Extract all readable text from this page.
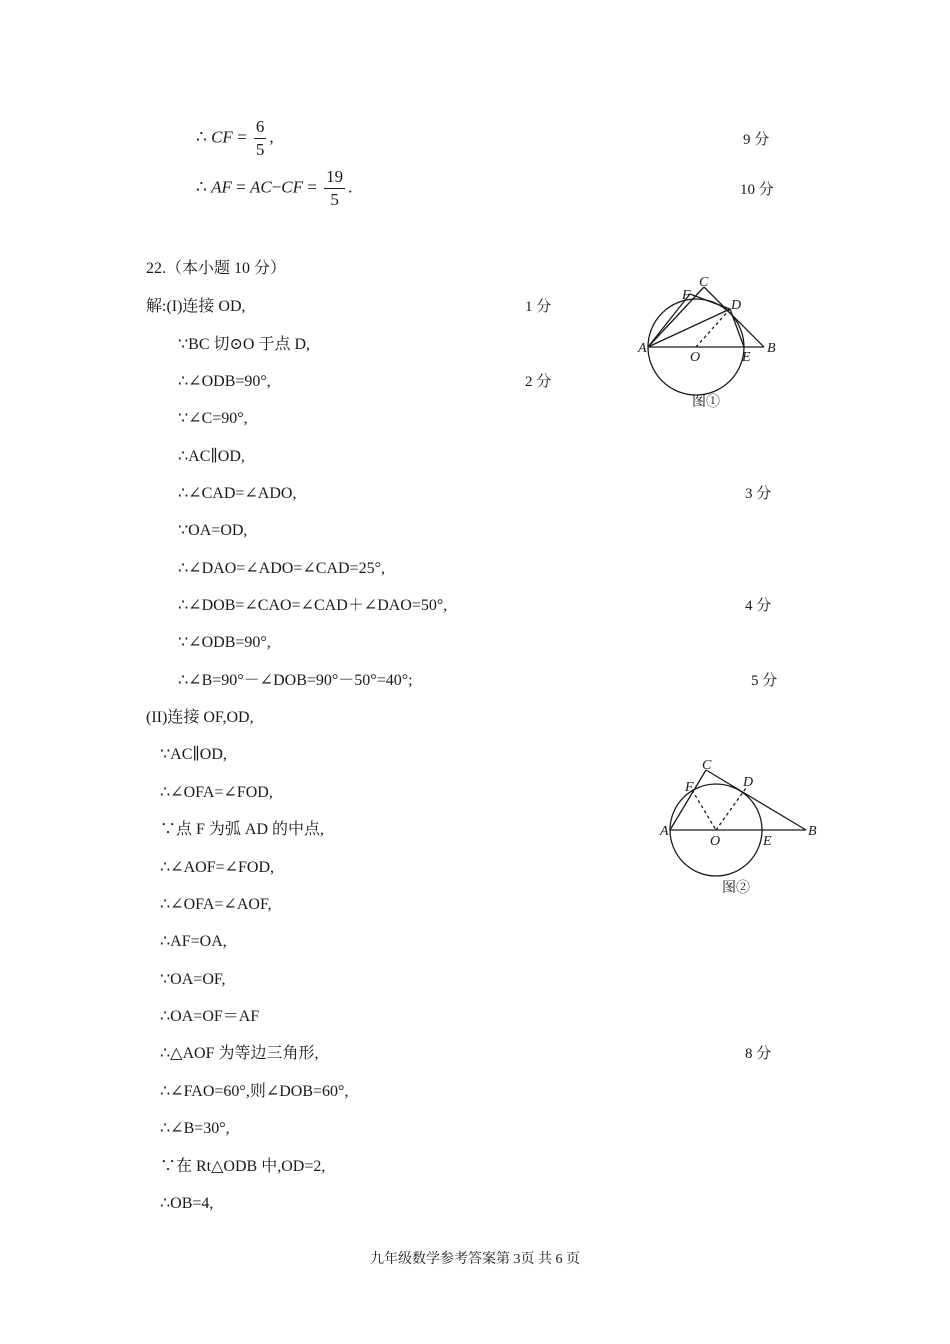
∴ CF = $\frac{6}{5}$ ,	9 分
∴ AF = $AC-CF = \frac{19}{5}$ .	10 分
22.（本小题 10 分）
解:(I)连接 OD,	1 分
∵BC 切⊙O 于点 D,
∴∠ODB=90°,	2 分
∵∠C=90°,
∴AC∥OD,
∴∠CAD=∠ADO,	3 分
∵OA=OD,
∴∠DAO=∠ADO=∠CAD=25°,
∴∠DOB=∠CAO=∠CAD＋∠DAO=50°,	4 分
∵∠ODB=90°,
∴∠B=90°－∠DOB=90°－50°=40°;	5 分
(II)连接 OF,OD,
∵AC∥OD,
∴∠OFA=∠FOD,
∵点 F 为弧 AD 的中点,
∴∠AOF=∠FOD,
∴∠OFA=∠AOF,
∴AF=OA,
∵OA=OF,
∴OA=OF＝AF
∴△AOF 为等边三角形,	8 分
∴∠FAO=60°,则∠DOB=60°,
∴∠B=30°,
∵在 Rt△ODB 中,OD=2,
∴OB=4,
A	B
C
D
E
F
O
图①
A	B
C
D
E
F
O
图②
九年级数学参考答案第 3页 共 6 页
